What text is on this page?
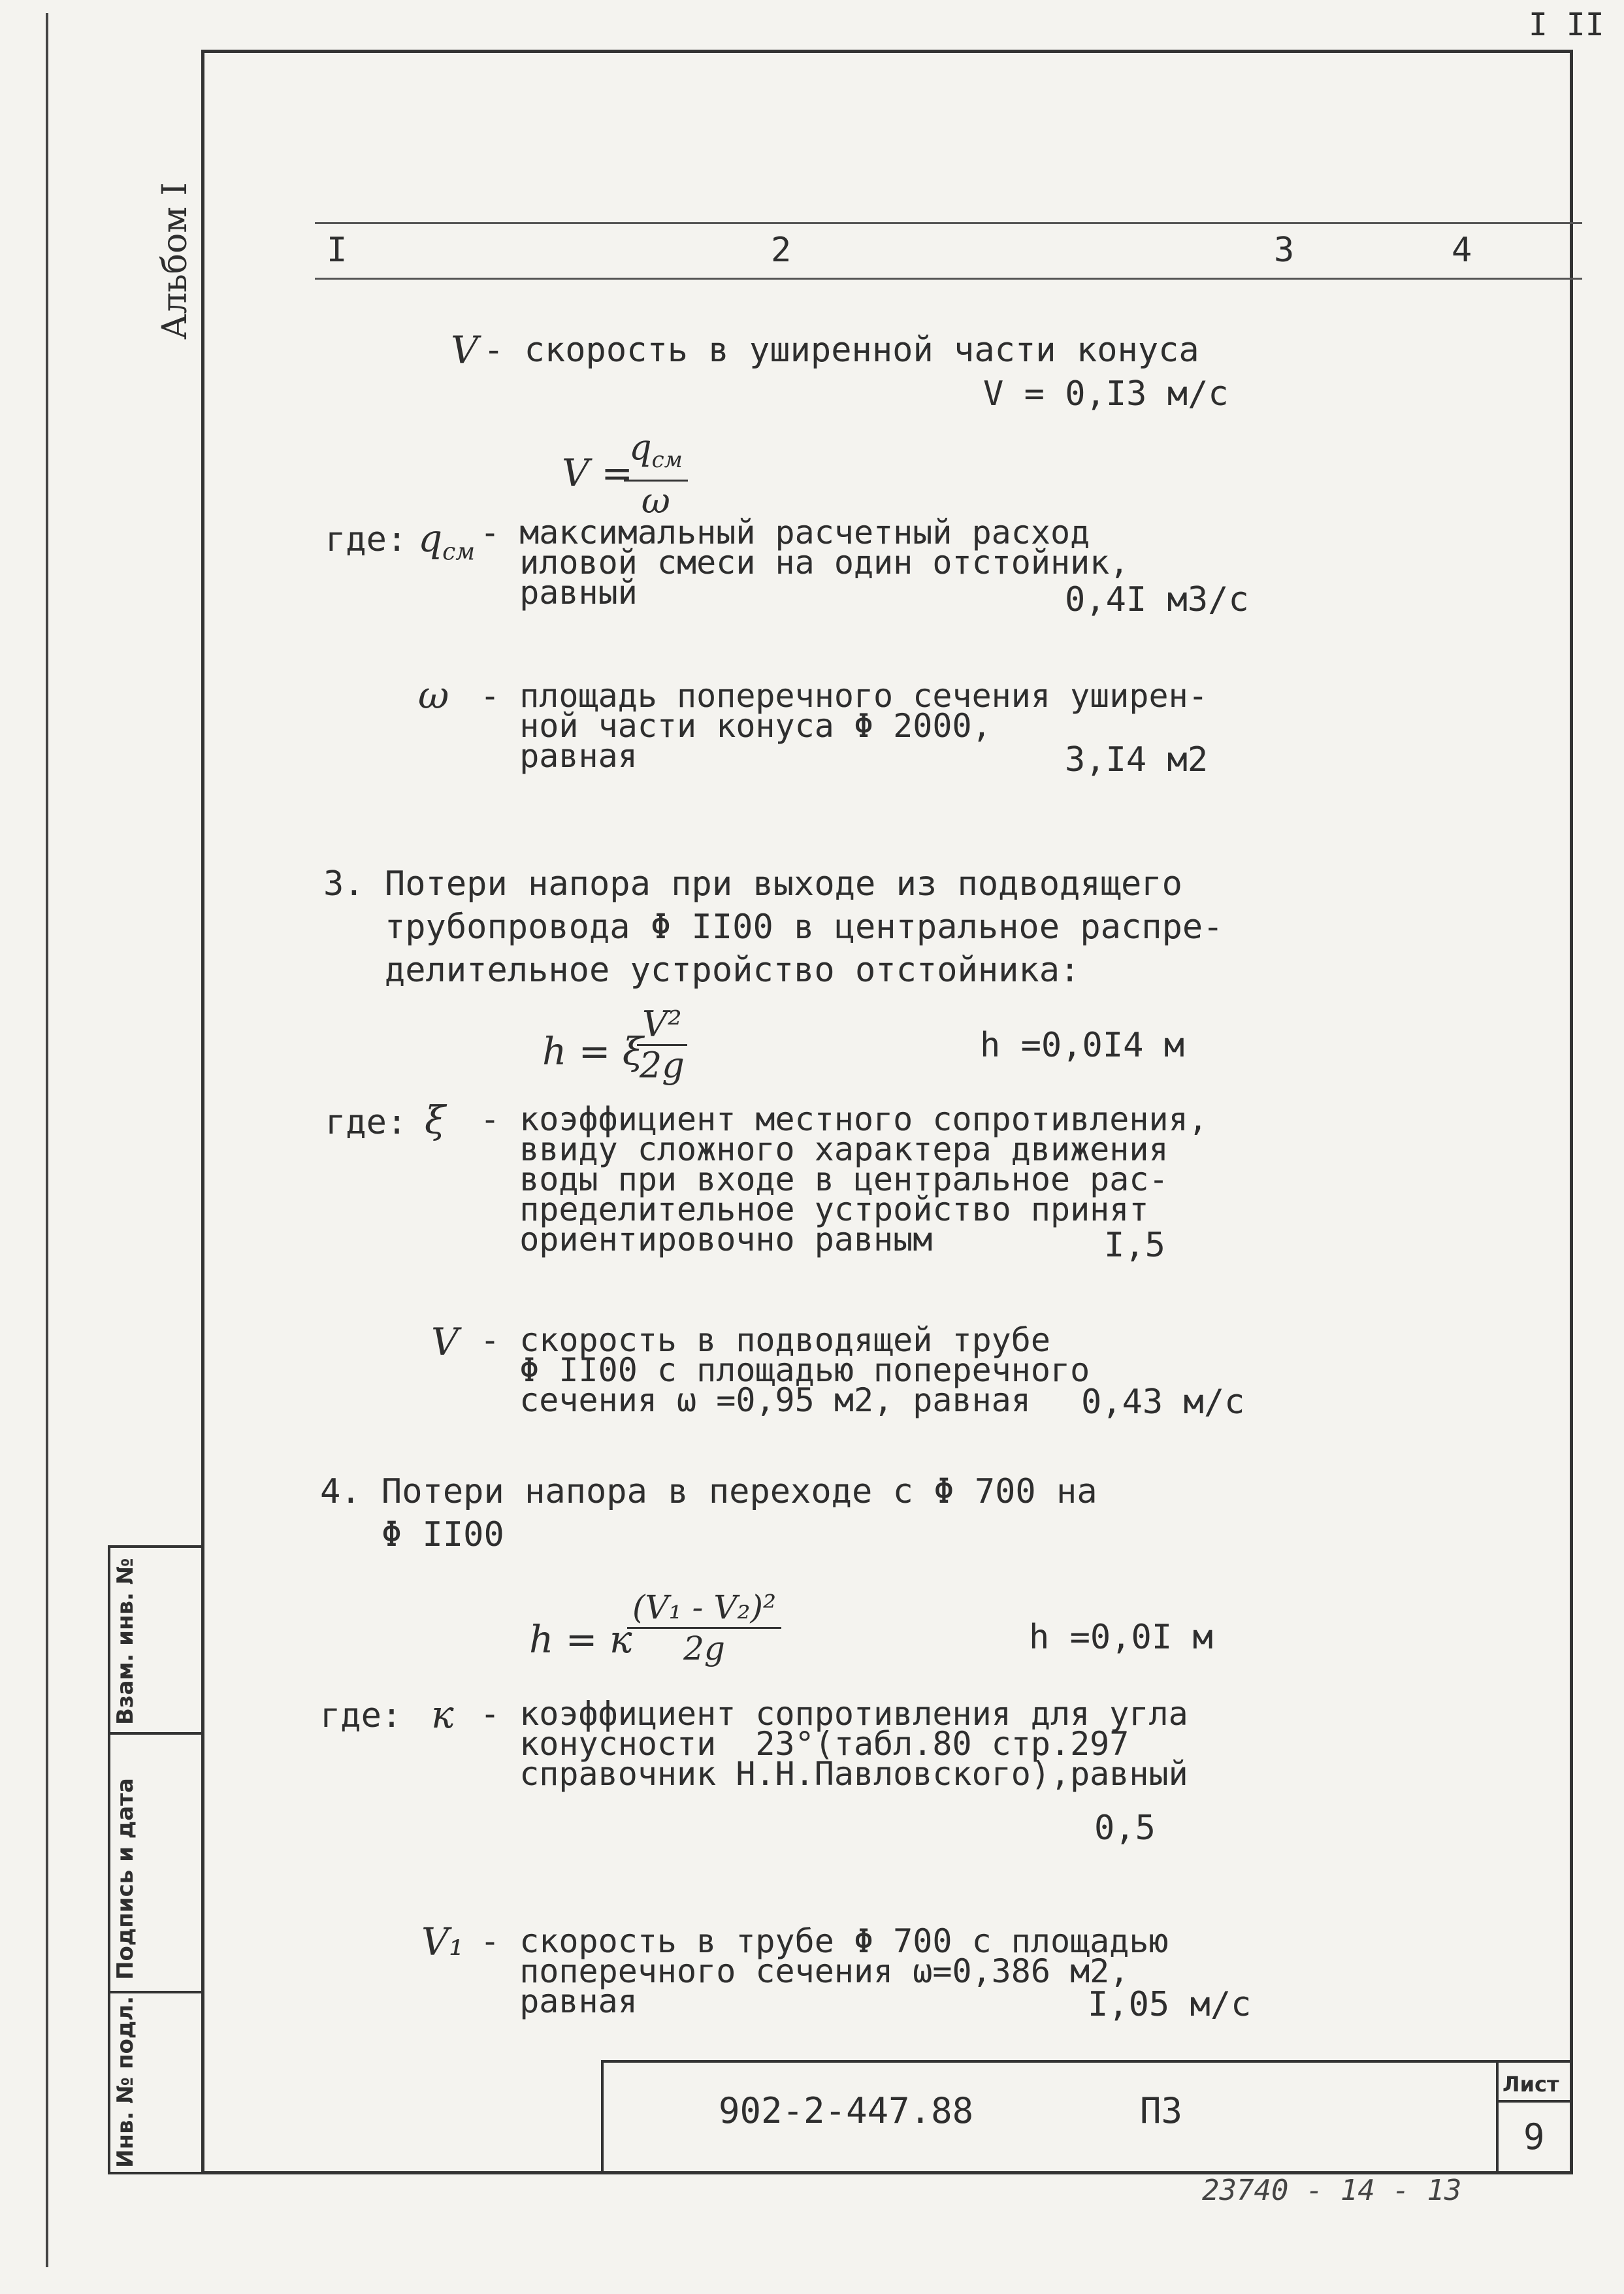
I II
Альбом I	I	2	3	4
V - скорость в уширенной части конуса
V = 0,I3 м/с
V =
$q_{см}$
ω
где: $q_{см}$
- максимальный расчетный расход
иловой смеси на один отстойник,
равный	0,4I м3/с
ω - площадь поперечного сечения уширен-
ной части конуса Φ 2000,
равная	3,I4 м2
3. Потери напора при выходе из подводящего
трубопровода Φ II00 в центральное распре-
делительное устройство отстойника:
h = ξ
$\frac{\text{V²}}{2g}$	h =0,0I4 м
где: ξ - коэффициент местного сопротивления,
ввиду сложного характера движения
воды при входе в центральное рас-
пределительное устройство принят
ориентировочно равным	I,5
V - скорость в подводящей трубе
Φ II00 с площадью поперечного
сечения ω =0,95 м2, равная	0,43 м/с
4. Потери напора в переходе с Φ 700 на
Φ II00
h = к
$\frac{\text{(V₁ - V₂)²}}{2g}$	h =0,0I м
где: к - коэффициент сопротивления для угла
конусности  23°(табл.80 стр.297
справочник Н.Н.Павловского),равный
0,5
V₁ - скорость в трубе Φ 700 с площадью
поперечного сечения ω=0,386 м2,
равная	I,05 м/с
Взам. инв. №
Подпись и дата
Инв. № подл.	902-2-447.88	ПЗ
Лист
9
23740 - 14 - 13
